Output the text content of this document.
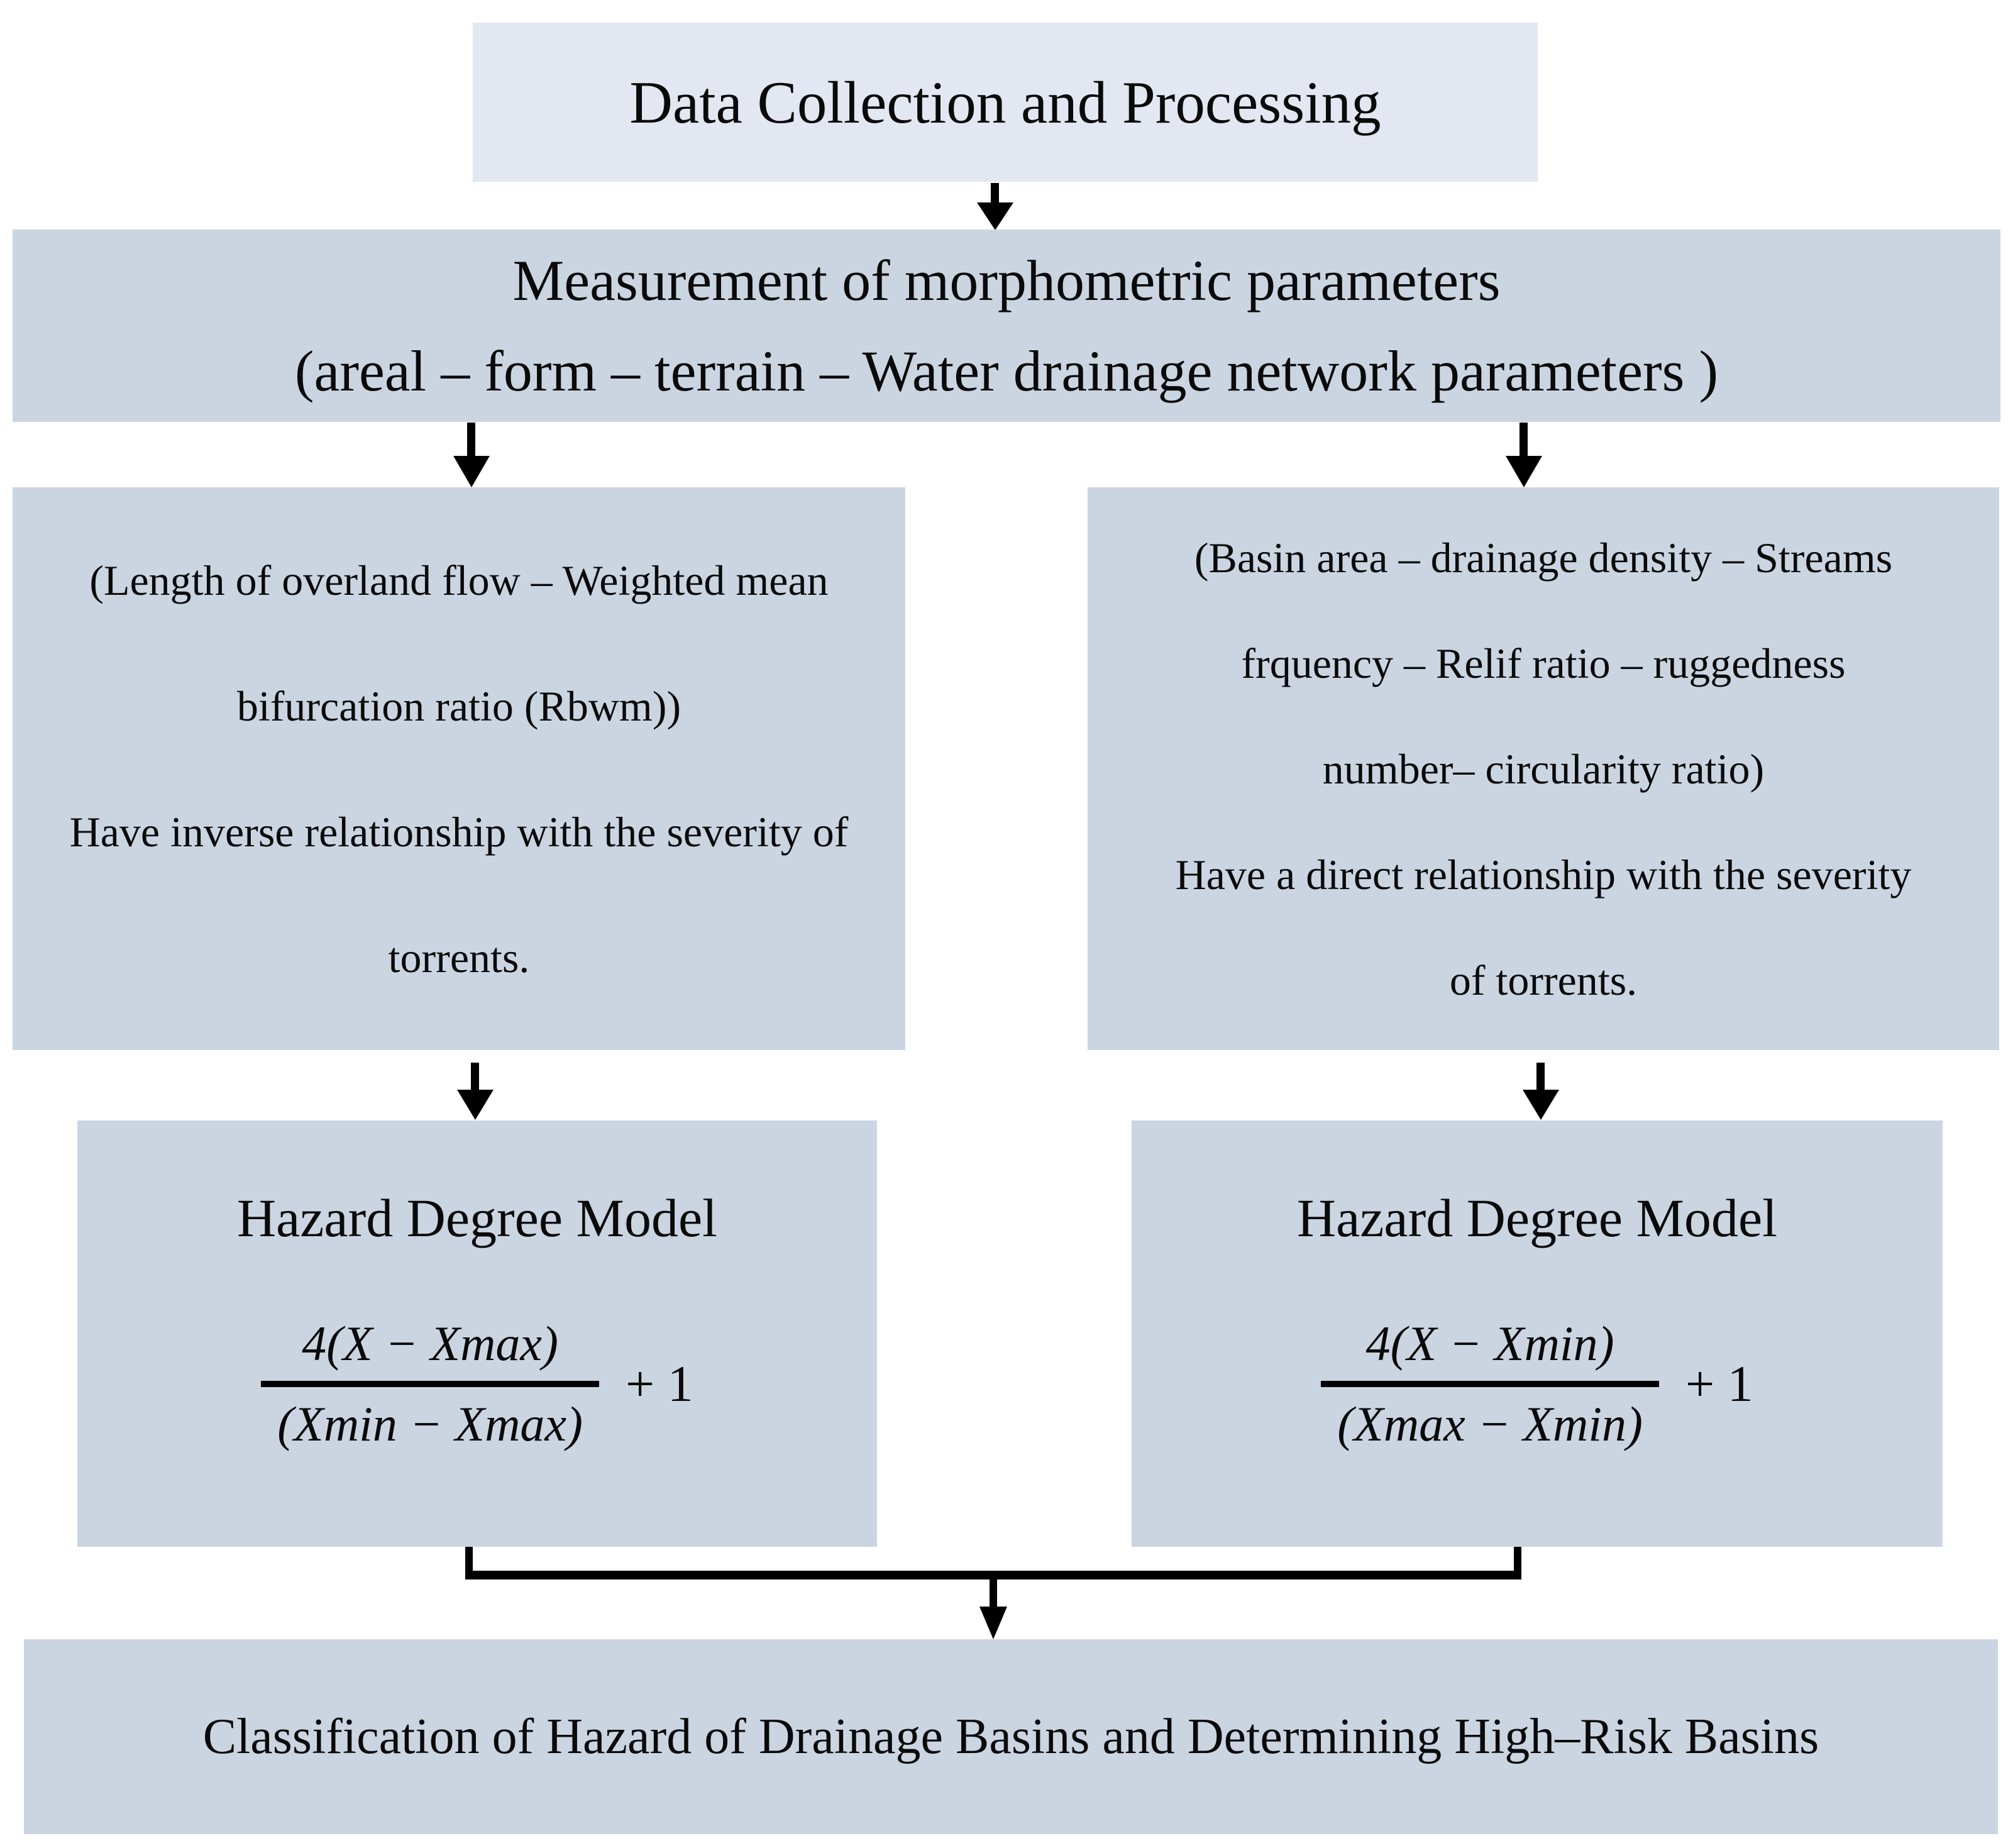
Data Collection and Processing
Measurement of morphometric parameters
(areal – form – terrain – Water drainage network parameters )
(Length of overland flow – Weighted mean
bifurcation ratio (Rbwm))
Have inverse relationship with the severity of
torrents.
(Basin area – drainage density – Streams
frquency – Relif ratio – ruggedness
number– circularity ratio)
Have a direct relationship with the severity
of torrents.
Hazard Degree Model
$\frac{4(X - Xmax)}{(Xmin - Xmax)} + 1$
Hazard Degree Model
$\frac{4(X - Xmin)}{(Xmax - Xmin)} + 1$
Classification of Hazard of Drainage Basins and Determining High–Risk Basins
